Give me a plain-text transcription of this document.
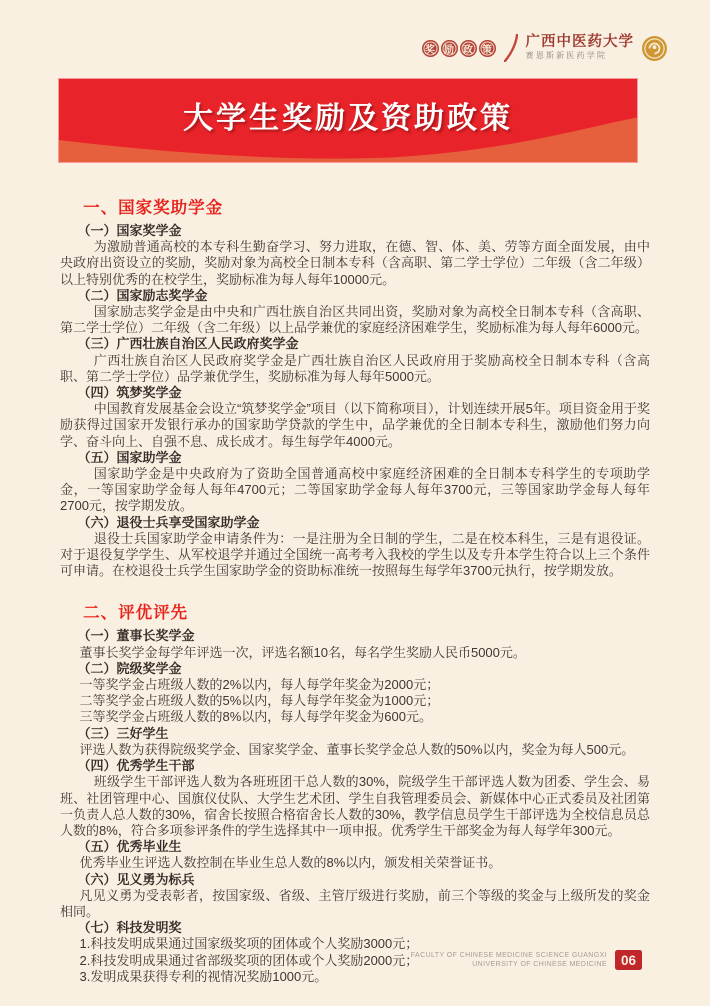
奖 励 政 策 广西中医药大学
赛恩斯新医药学院
大学生奖励及资助政策
一、国家奖助学金

（一）国家奖学金

为激励普通高校的本专科生勤奋学习、努力进取，在德、智、体、美、劳等方面全面发展，由中央政府出资设立的奖励，奖励对象为高校全日制本专科（含高职、第二学士学位）二年级（含二年级）以上特别优秀的在校学生，奖励标准为每人每年10000元。

（二）国家励志奖学金

国家励志奖学金是由中央和广西壮族自治区共同出资，奖励对象为高校全日制本专科（含高职、第二学士学位）二年级（含二年级）以上品学兼优的家庭经济困难学生，奖励标准为每人每年6000元。

（三）广西壮族自治区人民政府奖学金

广西壮族自治区人民政府奖学金是广西壮族自治区人民政府用于奖励高校全日制本专科（含高职、第二学士学位）品学兼优学生，奖励标准为每人每年5000元。

（四）筑梦奖学金

中国教育发展基金会设立“筑梦奖学金”项目（以下简称项目），计划连续开展5年。项目资金用于奖励获得过国家开发银行承办的国家助学贷款的学生中，品学兼优的全日制本专科生，激励他们努力向学、奋斗向上、自强不息、成长成才。每生每学年4000元。

（五）国家助学金

国家助学金是中央政府为了资助全国普通高校中家庭经济困难的全日制本专科学生的专项助学金，一等国家助学金每人每年4700元；二等国家助学金每人每年3700元，三等国家助学金每人每年2700元，按学期发放。

（六）退役士兵享受国家助学金

退役士兵国家助学金申请条件为：一是注册为全日制的学生，二是在校本科生，三是有退役证。对于退役复学学生、从军校退学并通过全国统一高考考入我校的学生以及专升本学生符合以上三个条件可申请。在校退役士兵学生国家助学金的资助标准统一按照每生每学年3700元执行，按学期发放。

二、评优评先

（一）董事长奖学金

董事长奖学金每学年评选一次，评选名额10名，每名学生奖励人民币5000元。

（二）院级奖学金

一等奖学金占班级人数的2%以内，每人每学年奖金为2000元；

二等奖学金占班级人数的5%以内，每人每学年奖金为1000元；

三等奖学金占班级人数的8%以内，每人每学年奖金为600元。

（三）三好学生

评选人数为获得院级奖学金、国家奖学金、董事长奖学金总人数的50%以内，奖金为每人500元。

（四）优秀学生干部

班级学生干部评选人数为各班班团干总人数的30%，院级学生干部评选人数为团委、学生会、易班、社团管理中心、国旗仪仗队、大学生艺术团、学生自我管理委员会、新媒体中心正式委员及社团第一负责人总人数的30%，宿舍长按照合格宿舍长人数的30%，教学信息员学生干部评选为全校信息员总人数的8%，符合多项参评条件的学生选择其中一项申报。优秀学生干部奖金为每人每学年300元。

（五）优秀毕业生

优秀毕业生评选人数控制在毕业生总人数的8%以内，颁发相关荣誉证书。

（六）见义勇为标兵

凡见义勇为受表彰者，按国家级、省级、主管厅级进行奖励，前三个等级的奖金与上级所发的奖金相同。

（七）科技发明奖

1.科技发明成果通过国家级奖项的团体或个人奖励3000元；

2.科技发明成果通过省部级奖项的团体或个人奖励2000元；

3.发明成果获得专利的视情况奖励1000元。

FACULTY OF CHINESE MEDICINE SCIENCE GUANGXI
UNIVERSITY OF CHINESE MEDICINE	06
